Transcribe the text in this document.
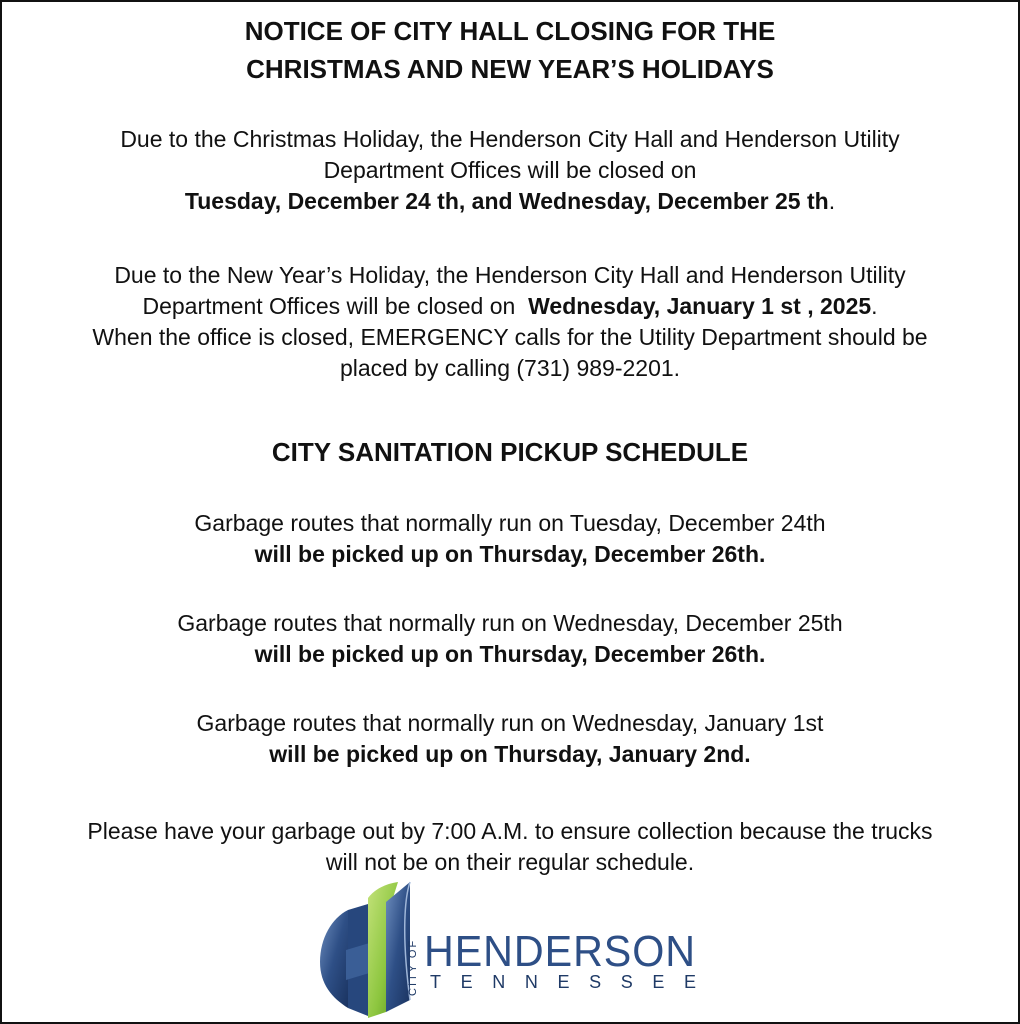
NOTICE OF CITY HALL CLOSING FOR THE
CHRISTMAS AND NEW YEAR’S HOLIDAYS

Due to the Christmas Holiday, the Henderson City Hall and Henderson Utility

Department Offices will be closed on

Tuesday, December 24 th, and Wednesday, December 25 th.

Due to the New Year’s Holiday, the Henderson City Hall and Henderson Utility

Department Offices will be closed on Wednesday, January 1 st , 2025.

When the office is closed, EMERGENCY calls for the Utility Department should be

placed by calling (731) 989-2201.

CITY SANITATION PICKUP SCHEDULE

Garbage routes that normally run on Tuesday, December 24th

will be picked up on Thursday, December 26th.

Garbage routes that normally run on Wednesday, December 25th

will be picked up on Thursday, December 26th.

Garbage routes that normally run on Wednesday, January 1st

will be picked up on Thursday, January 2nd.

Please have your garbage out by 7:00 A.M. to ensure collection because the trucks

will not be on their regular schedule.

CITY OF HENDERSON
TENNESSEE
